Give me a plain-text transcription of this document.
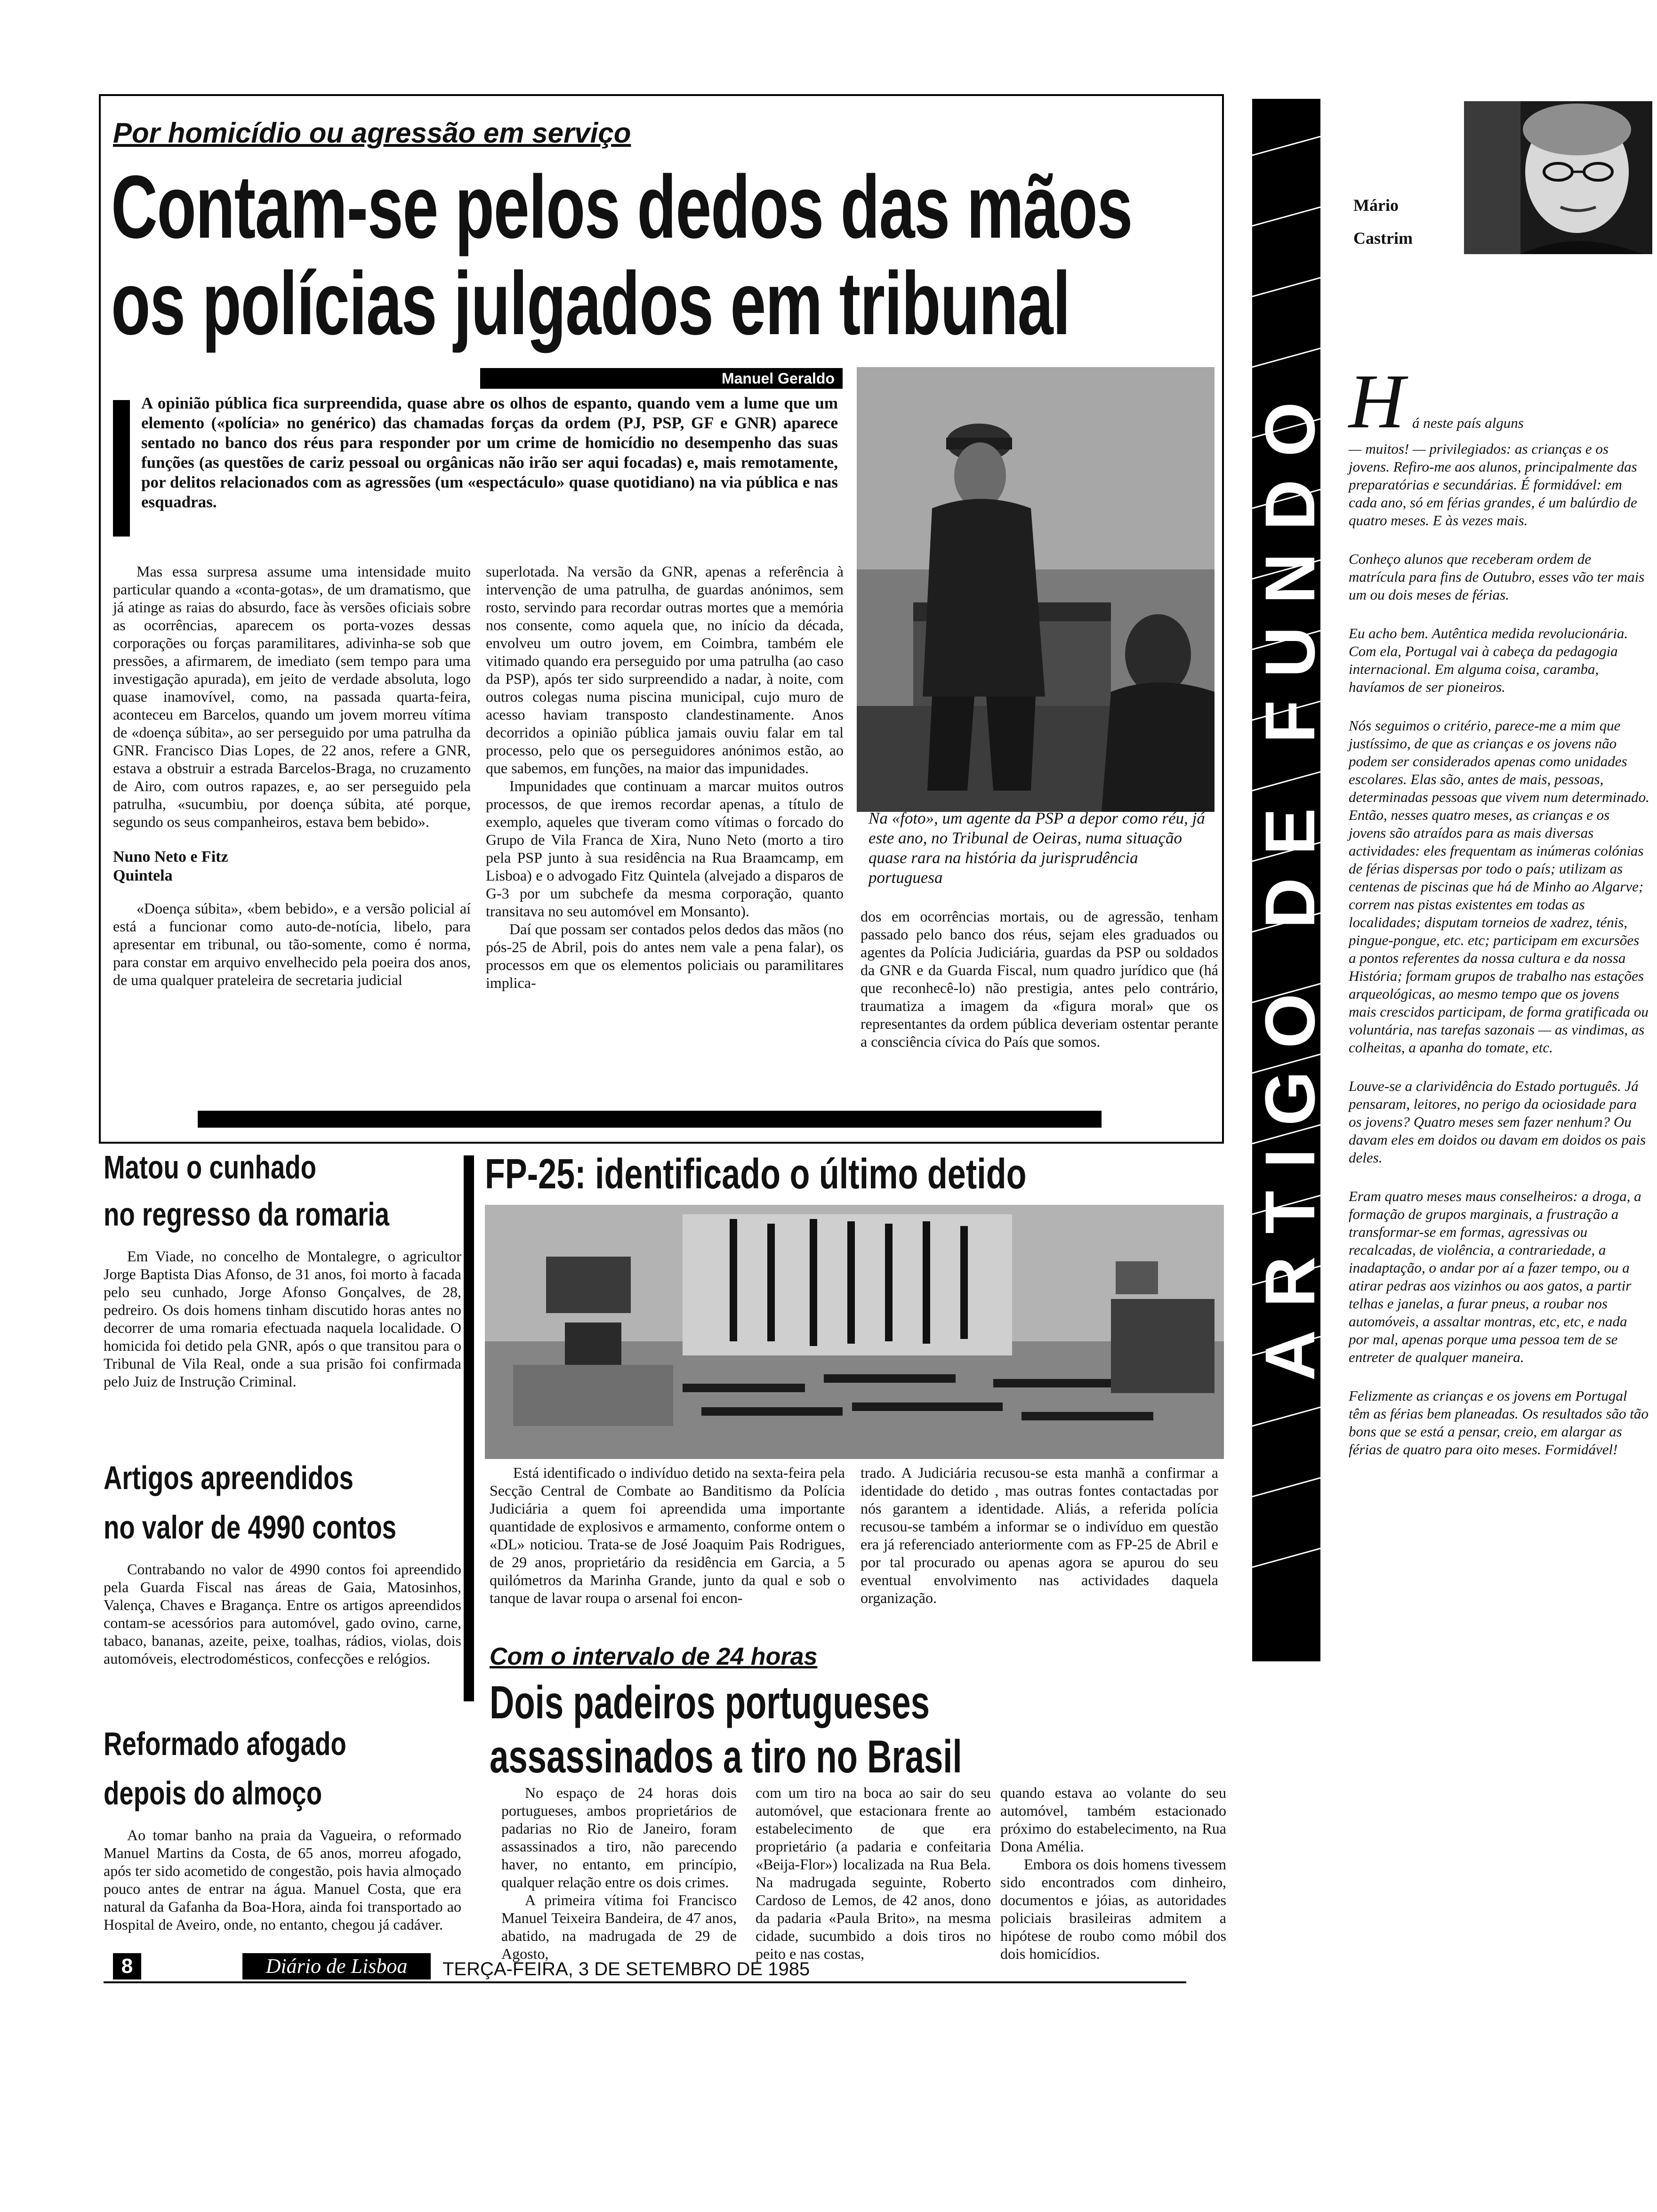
Por homicídio ou agressão em serviço
Contam-se pelos dedos das mãos
os polícias julgados em tribunal
Manuel Geraldo
A opinião pública fica surpreendida, quase abre os olhos de espanto, quando vem a lume que um elemento («polícia» no genérico) das chamadas forças da ordem (PJ, PSP, GF e GNR) aparece sentado no banco dos réus para responder por um crime de homicídio no desempenho das suas funções (as questões de cariz pessoal ou orgânicas não irão ser aqui focadas) e, mais remotamente, por delitos relacionados com as agressões (um «espectáculo» quase quotidiano) na via pública e nas esquadras.

Mas essa surpresa assume uma intensidade muito particular quando a «conta-gotas», de um dramatismo, que já atinge as raias do absurdo, face às versões oficiais sobre as ocorrências, aparecem os porta-vozes dessas corporações ou forças paramilitares, adivinha-se sob que pressões, a afirmarem, de imediato (sem tempo para uma investigação apurada), em jeito de verdade absoluta, logo quase inamovível, como, na passada quarta-feira, aconteceu em Barcelos, quando um jovem morreu vítima de «doença súbita», ao ser perseguido por uma patrulha da GNR. Francisco Dias Lopes, de 22 anos, refere a GNR, estava a obstruir a estrada Barcelos-Braga, no cruzamento de Airo, com outros rapazes, e, ao ser perseguido pela patrulha, «sucumbiu, por doença súbita, até porque, segundo os seus companheiros, estava bem bebido».

Nuno Neto e Fitz Quintela

«Doença súbita», «bem bebido», e a versão policial aí está a funcionar como auto-de-notícia, libelo, para apresentar em tribunal, ou tão-somente, como é norma, para constar em arquivo envelhecido pela poeira dos anos, de uma qualquer prateleira de secretaria judicial

superlotada. Na versão da GNR, apenas a referência à intervenção de uma patrulha, de guardas anónimos, sem rosto, servindo para recordar outras mortes que a memória nos consente, como aquela que, no início da década, envolveu um outro jovem, em Coimbra, também ele vitimado quando era perseguido por uma patrulha (ao caso da PSP), após ter sido surpreendido a nadar, à noite, com outros colegas numa piscina municipal, cujo muro de acesso haviam transposto clandestinamente. Anos decorridos a opinião pública jamais ouviu falar em tal processo, pelo que os perseguidores anónimos estão, ao que sabemos, em funções, na maior das impunidades.

Impunidades que continuam a marcar muitos outros processos, de que iremos recordar apenas, a título de exemplo, aqueles que tiveram como vítimas o forcado do Grupo de Vila Franca de Xira, Nuno Neto (morto a tiro pela PSP junto à sua residência na Rua Braamcamp, em Lisboa) e o advogado Fitz Quintela (alvejado a disparos de G-3 por um subchefe da mesma corporação, quanto transitava no seu automóvel em Monsanto).

Daí que possam ser contados pelos dedos das mãos (no pós-25 de Abril, pois do antes nem vale a pena falar), os processos em que os elementos policiais ou paramilitares implica-

Na «foto», um agente da PSP a depor como réu, já este ano, no Tribunal de Oeiras, numa situação quase rara na história da jurisprudência portuguesa

dos em ocorrências mortais, ou de agressão, tenham passado pelo banco dos réus, sejam eles graduados ou agentes da Polícia Judiciária, guardas da PSP ou soldados da GNR e da Guarda Fiscal, num quadro jurídico que (há que reconhecê-lo) não prestigia, antes pelo contrário, traumatiza a imagem da «figura moral» que os representantes da ordem pública deveriam ostentar perante a consciência cívica do País que somos.

Matou o cunhado
no regresso da romaria

Em Viade, no concelho de Montalegre, o agricultor Jorge Baptista Dias Afonso, de 31 anos, foi morto à facada pelo seu cunhado, Jorge Afonso Gonçalves, de 28, pedreiro. Os dois homens tinham discutido horas antes no decorrer de uma romaria efectuada naquela localidade. O homicida foi detido pela GNR, após o que transitou para o Tribunal de Vila Real, onde a sua prisão foi confirmada pelo Juiz de Instrução Criminal.

Artigos apreendidos
no valor de 4990 contos

Contrabando no valor de 4990 contos foi apreendido pela Guarda Fiscal nas áreas de Gaia, Matosinhos, Valença, Chaves e Bragança. Entre os artigos apreendidos contam-se acessórios para automóvel, gado ovino, carne, tabaco, bananas, azeite, peixe, toalhas, rádios, violas, dois automóveis, electrodomésticos, confecções e relógios.

Reformado afogado
depois do almoço

Ao tomar banho na praia da Vagueira, o reformado Manuel Martins da Costa, de 65 anos, morreu afogado, após ter sido acometido de congestão, pois havia almoçado pouco antes de entrar na água. Manuel Costa, que era natural da Gafanha da Boa-Hora, ainda foi transportado ao Hospital de Aveiro, onde, no entanto, chegou já cadáver.

FP-25: identificado o último detido

Está identificado o indivíduo detido na sexta-feira pela Secção Central de Combate ao Banditismo da Polícia Judiciária a quem foi apreendida uma importante quantidade de explosivos e armamento, conforme ontem o «DL» noticiou. Trata-se de José Joaquim Pais Rodrigues, de 29 anos, proprietário da residência em Garcia, a 5 quilómetros da Marinha Grande, junto da qual e sob o tanque de lavar roupa o arsenal foi encon-

trado. A Judiciária recusou-se esta manhã a confirmar a identidade do detido , mas outras fontes contactadas por nós garantem a identidade. Aliás, a referida polícia recusou-se também a informar se o indivíduo em questão era já referenciado anteriormente com as FP-25 de Abril e por tal procurado ou apenas agora se apurou do seu eventual envolvimento nas actividades daquela organização.

Com o intervalo de 24 horas
Dois padeiros portugueses
assassinados a tiro no Brasil

No espaço de 24 horas dois portugueses, ambos proprietários de padarias no Rio de Janeiro, foram assassinados a tiro, não parecendo haver, no entanto, em princípio, qualquer relação entre os dois crimes.

A primeira vítima foi Francisco Manuel Teixeira Bandeira, de 47 anos, abatido, na madrugada de 29 de Agosto,

com um tiro na boca ao sair do seu automóvel, que estacionara frente ao estabelecimento de que era proprietário (a padaria e confeitaria «Beija-Flor») localizada na Rua Bela. Na madrugada seguinte, Roberto Cardoso de Lemos, de 42 anos, dono da padaria «Paula Brito», na mesma cidade, sucumbido a dois tiros no peito e nas costas,

quando estava ao volante do seu automóvel, também estacionado próximo do estabelecimento, na Rua Dona Amélia.

Embora os dois homens tivessem sido encontrados com dinheiro, documentos e jóias, as autoridades policiais brasileiras admitem a hipótese de roubo como móbil dos dois homicídios.

ARTIGO DE FUNDO
Mário
Castrim
H á neste país alguns

— muitos! — privilegiados: as crianças e os jovens. Refiro-me aos alunos, principalmente das preparatórias e secundárias. É formidável: em cada ano, só em férias grandes, é um balúrdio de quatro meses. E às vezes mais.

Conheço alunos que receberam ordem de matrícula para fins de Outubro, esses vão ter mais um ou dois meses de férias.

Eu acho bem. Autêntica medida revolucionária. Com ela, Portugal vai à cabeça da pedagogia internacional. Em alguma coisa, caramba, havíamos de ser pioneiros.

Nós seguimos o critério, parece-me a mim que justíssimo, de que as crianças e os jovens não podem ser considerados apenas como unidades escolares. Elas são, antes de mais, pessoas, determinadas pessoas que vivem num determinado. Então, nesses quatro meses, as crianças e os jovens são atraídos para as mais diversas actividades: eles frequentam as inúmeras colónias de férias dispersas por todo o país; utilizam as centenas de piscinas que há de Minho ao Algarve; correm nas pistas existentes em todas as localidades; disputam torneios de xadrez, ténis, pingue-pongue, etc. etc; participam em excursões a pontos referentes da nossa cultura e da nossa História; formam grupos de trabalho nas estações arqueológicas, ao mesmo tempo que os jovens mais crescidos participam, de forma gratificada ou voluntária, nas tarefas sazonais — as vindimas, as colheitas, a apanha do tomate, etc.

Louve-se a clarividência do Estado português. Já pensaram, leitores, no perigo da ociosidade para os jovens? Quatro meses sem fazer nenhum? Ou davam eles em doidos ou davam em doidos os pais deles.

Eram quatro meses maus conselheiros: a droga, a formação de grupos marginais, a frustração a transformar-se em formas, agressivas ou recalcadas, de violência, a contrariedade, a inadaptação, o andar por aí a fazer tempo, ou a atirar pedras aos vizinhos ou aos gatos, a partir telhas e janelas, a furar pneus, a roubar nos automóveis, a assaltar montras, etc, etc, e nada por mal, apenas porque uma pessoa tem de se entreter de qualquer maneira.

Felizmente as crianças e os jovens em Portugal têm as férias bem planeadas. Os resultados são tão bons que se está a pensar, creio, em alargar as férias de quatro para oito meses. Formidável!

8	Diário de Lisboa	TERÇA-FEIRA, 3 DE SETEMBRO DE 1985
